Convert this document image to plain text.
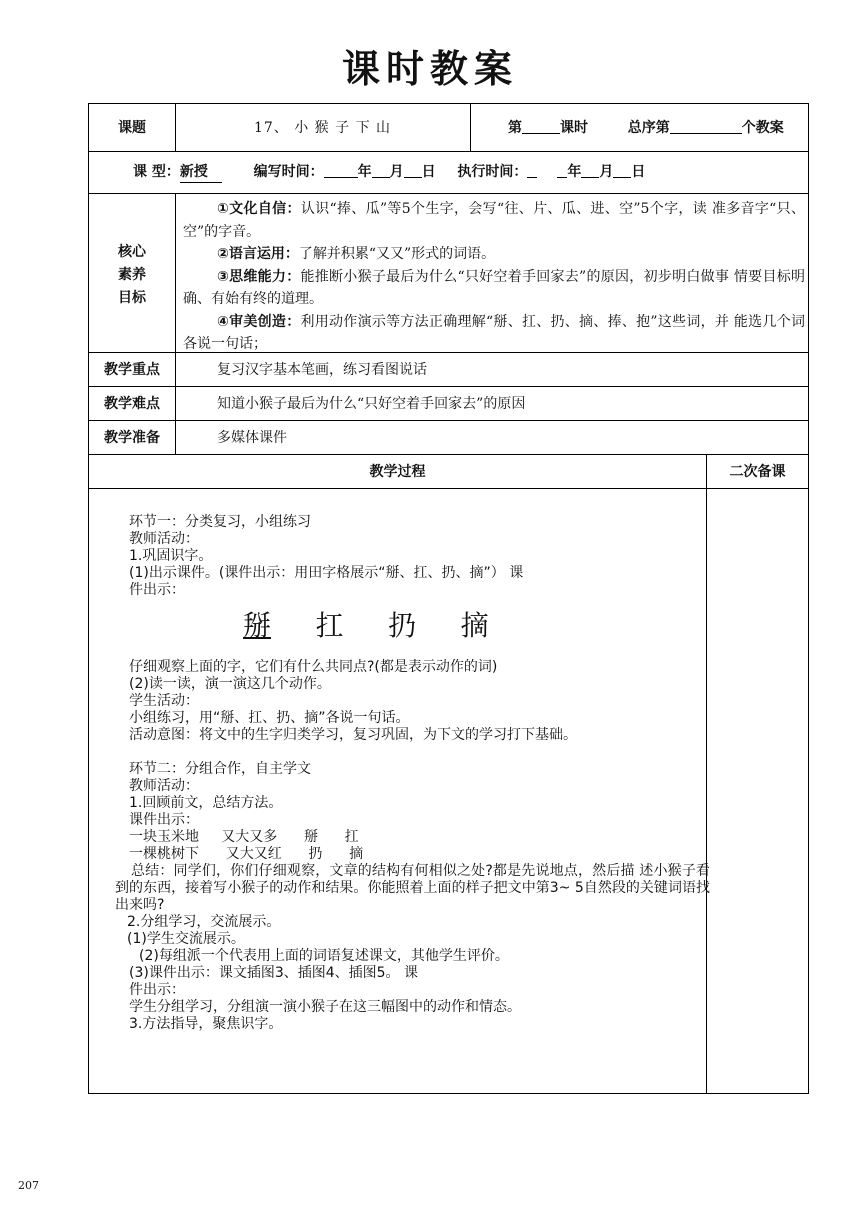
课时教案
课题	17、 小 猴 子 下 山	第	课时	总序第	个教案
课 型：新授	编写时间： 年 月 日 执行时间：	年 月 日
核心
素养
目标

①文化自信：认识“捧、瓜”等5个生字，会写“往、片、瓜、进、空”5个字，读 准多音字“只、空”的字音。

②语言运用：了解并积累“又又”形式的词语。

③思维能力：能推断小猴子最后为什么“只好空着手回家去”的原因，初步明白做事 情要目标明确、有始有终的道理。

④审美创造：利用动作演示等方法正确理解“掰、扛、扔、摘、捧、抱”这些词，并 能选几个词各说一句话；

教学重点	复习汉字基本笔画，练习看图说话
教学难点	知道小猴子最后为什么“只好空着手回家去”的原因
教学准备	多媒体课件
教学过程	二次备课
环节一：分类复习，小组练习
教师活动：
1.巩固识字。
(1)出示课件。(课件出示：用田字格展示“掰、扛、扔、摘”） 课
件出示：
掰 扛 扔 摘
仔细观察上面的字，它们有什么共同点?(都是表示动作的词)
(2)读一读，演一演这几个动作。
学生活动：
小组练习，用“掰、扛、扔、摘”各说一句话。
活动意图：将文中的生字归类学习，复习巩固，为下文的学习打下基础。
环节二：分组合作，自主学文
教师活动：
1.回顾前文，总结方法。
课件出示：
一块玉米地     又大又多      掰      扛
一棵桃树下      又大又红      扔      摘
总结：同学们，你们仔细观察，文章的结构有何相似之处?都是先说地点，然后描 述小猴子看到的东西，接着写小猴子的动作和结果。你能照着上面的样子把文中第3~ 5自然段的关键词语找出来吗?
2.分组学习，交流展示。
(1)学生交流展示。
(2)每组派一个代表用上面的词语复述课文，其他学生评价。
(3)课件出示：课文插图3、插图4、插图5。 课
件出示：
学生分组学习，分组演一演小猴子在这三幅图中的动作和情态。
3.方法指导，聚焦识字。
207
